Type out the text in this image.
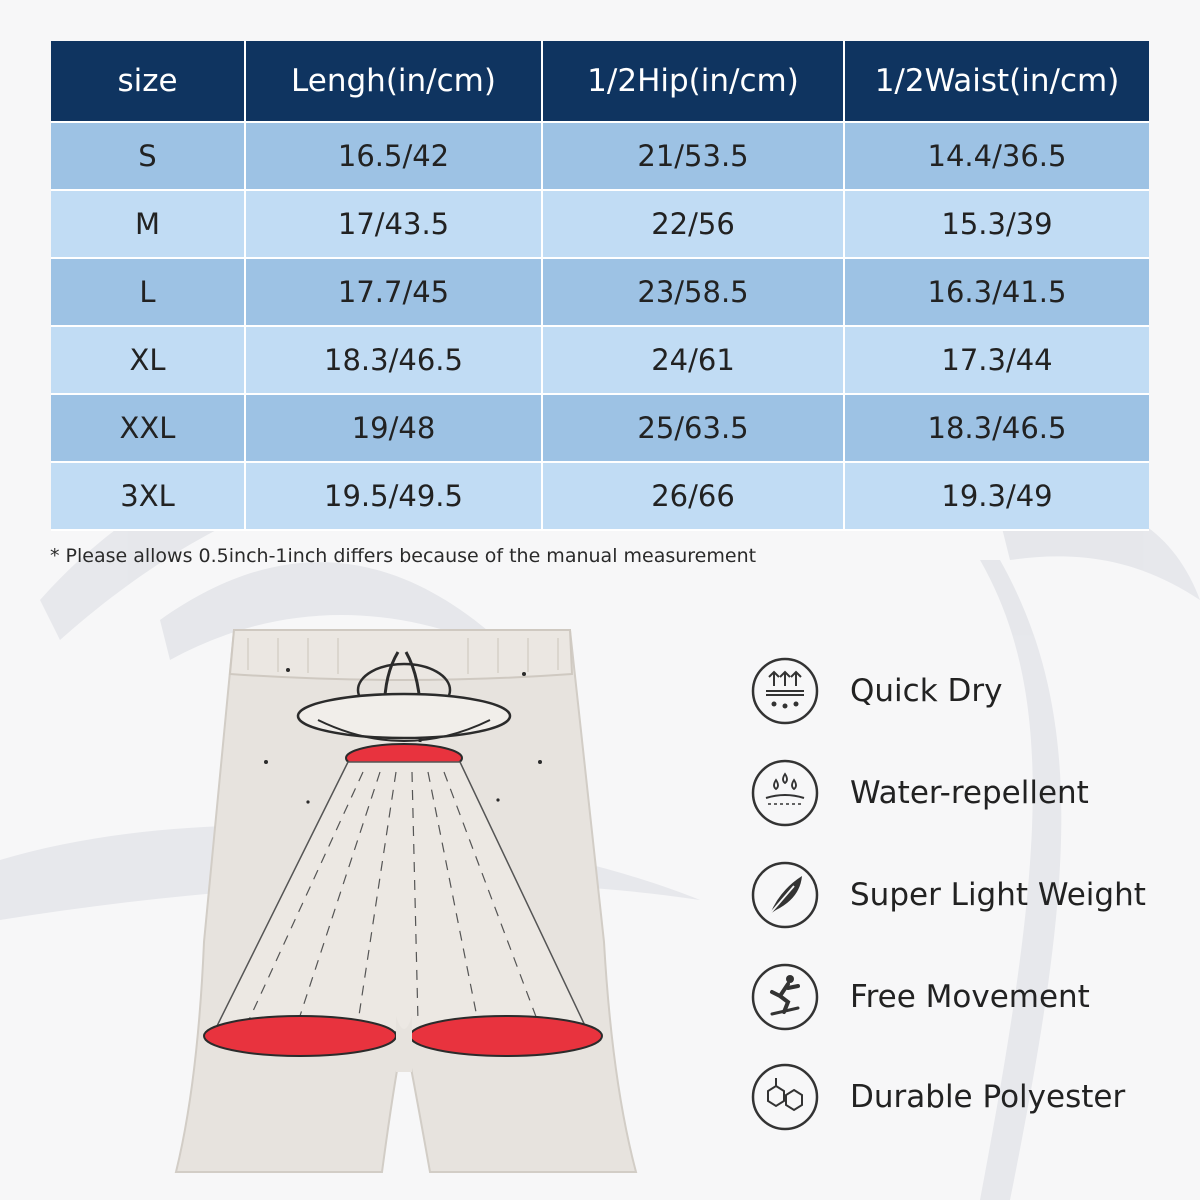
size	Lengh(in/cm)	1/2Hip(in/cm)	1/2Waist(in/cm)
S	16.5/42	21/53.5	14.4/36.5
M	17/43.5	22/56	15.3/39
L	17.7/45	23/58.5	16.3/41.5
XL	18.3/46.5	24/61	17.3/44
XXL	19/48	25/63.5	18.3/46.5
3XL	19.5/49.5	26/66	19.3/49
* Please allows 0.5inch-1inch differs because of the manual measurement
Quick Dry
Water-repellent
Super Light Weight
Free Movement
Durable Polyester
